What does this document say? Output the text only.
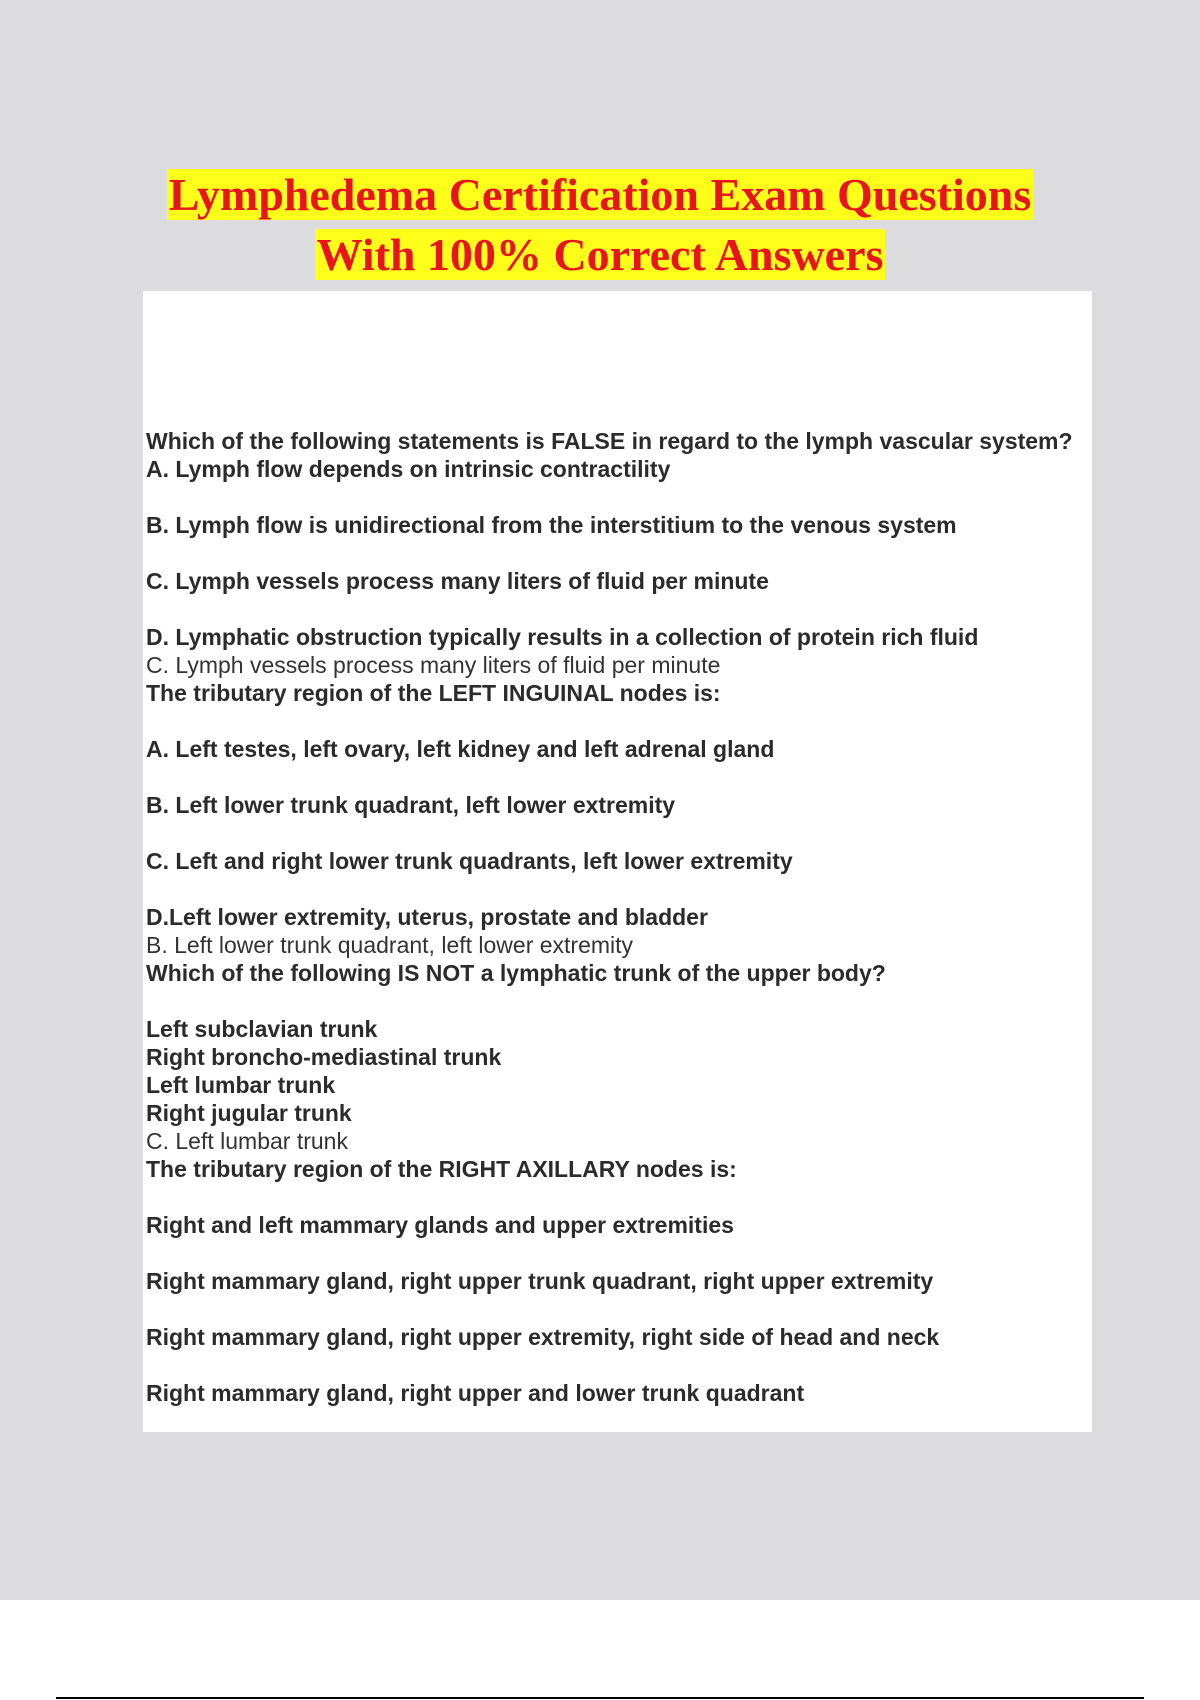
Lymphedema Certification Exam Questions
With 100% Correct Answers
Which of the following statements is FALSE in regard to the lymph vascular system?
A. Lymph flow depends on intrinsic contractility
B. Lymph flow is unidirectional from the interstitium to the venous system
C. Lymph vessels process many liters of fluid per minute
D. Lymphatic obstruction typically results in a collection of protein rich fluid
C. Lymph vessels process many liters of fluid per minute
The tributary region of the LEFT INGUINAL nodes is:
A. Left testes, left ovary, left kidney and left adrenal gland
B. Left lower trunk quadrant, left lower extremity
C. Left and right lower trunk quadrants, left lower extremity
D.Left lower extremity, uterus, prostate and bladder
B. Left lower trunk quadrant, left lower extremity
Which of the following IS NOT a lymphatic trunk of the upper body?
Left subclavian trunk
Right broncho-mediastinal trunk
Left lumbar trunk
Right jugular trunk
C. Left lumbar trunk
The tributary region of the RIGHT AXILLARY nodes is:
Right and left mammary glands and upper extremities
Right mammary gland, right upper trunk quadrant, right upper extremity
Right mammary gland, right upper extremity, right side of head and neck
Right mammary gland, right upper and lower trunk quadrant
